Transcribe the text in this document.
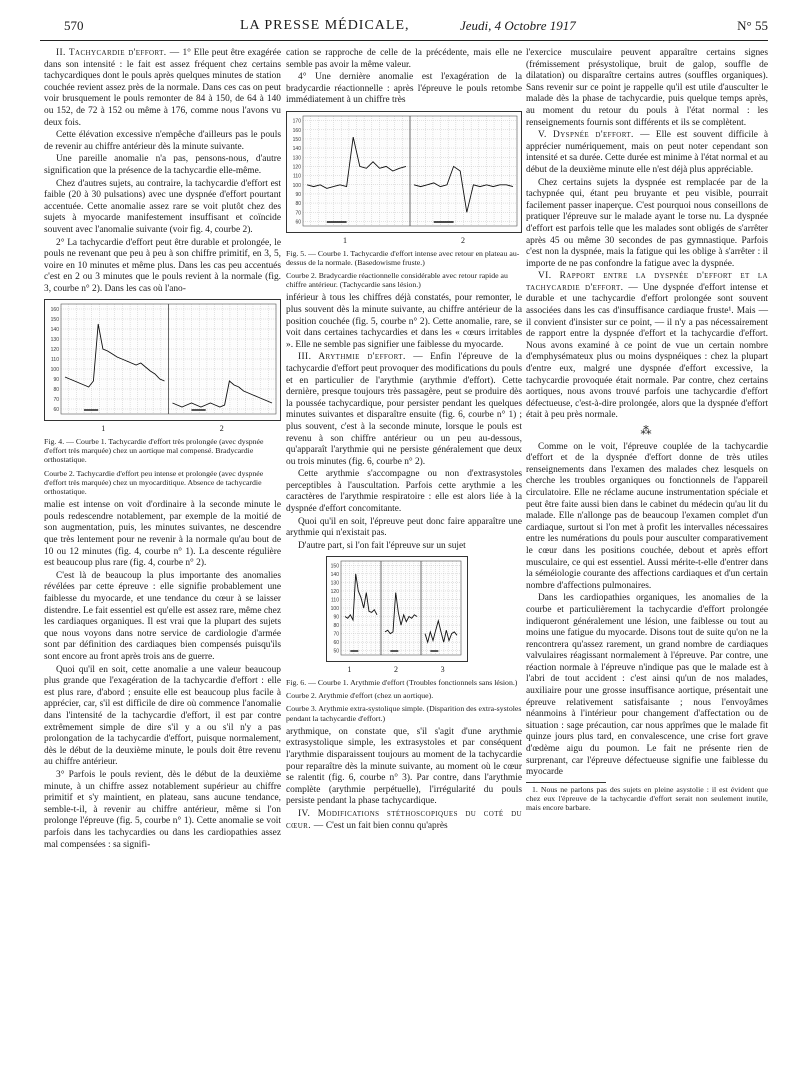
570	LA PRESSE MÉDICALE,	Jeudi, 4 Octobre 1917	N° 55

II. Tachycardie d'effort. — 1° Elle peut être exagérée dans son intensité : le fait est assez fréquent chez certains tachycardiques dont le pouls après quelques minutes de station couchée revient assez près de la normale. Dans ces cas on peut voir brusquement le pouls remonter de 84 à 150, de 64 à 140 ou 152, de 72 à 152 ou même à 176, comme nous l'avons vu deux fois.

Cette élévation excessive n'empêche d'ailleurs pas le pouls de revenir au chiffre antérieur dès la minute suivante.

Une pareille anomalie n'a pas, pensons-nous, d'autre signification que la présence de la tachycardie elle-même.

Chez d'autres sujets, au contraire, la tachycardie d'effort est faible (20 à 30 pulsations) avec une dyspnée d'effort pourtant accentuée. Cette anomalie assez rare se voit plutôt chez des sujets à myocarde manifestement insuffisant et coïncide souvent avec l'anomalie suivante (voir fig. 4, courbe 2).

2° La tachycardie d'effort peut être durable et prolongée, le pouls ne revenant que peu à peu à son chiffre primitif, en 3, 5, voire en 10 minutes et même plus. Dans les cas peu accentués c'est en 2 ou 3 minutes que le pouls revient à la normale (fig. 3, courbe n° 2). Dans les cas où l'ano-

60
70
80
90
100
110
120
130
140
150
160
1	2
Fig. 4. — Courbe 1. Tachycardie d'effort très prolongée (avec dyspnée d'effort très marquée) chez un aortique mal compensé. Bradycardie orthostatique.
Courbe 2. Tachycardie d'effort peu intense et prolongée (avec dyspnée d'effort très marquée) chez un myocarditique. Absence de tachycardie orthostatique.

malie est intense on voit d'ordinaire à la seconde minute le pouls redescendre notablement, par exemple de la moitié de son augmentation, puis, les minutes suivantes, ne descendre que très lentement pour ne revenir à la normale qu'au bout de 10 ou 12 minutes (fig. 4, courbe n° 1). La descente régulière est beaucoup plus rare (fig. 4, courbe n° 2).

C'est là de beaucoup la plus importante des anomalies révélées par cette épreuve : elle signifie probablement une faiblesse du myocarde, et une tendance du cœur à se laisser distendre. Le fait essentiel est qu'elle est assez rare, même chez les cardiaques organiques. Il est vrai que la plupart des sujets que nous voyons dans notre service de cardiologie d'armée sont par définition des cardiaques bien compensés puisqu'ils sont encore au front après trois ans de guerre.

Quoi qu'il en soit, cette anomalie a une valeur beaucoup plus grande que l'exagération de la tachycardie d'effort : elle est plus rare, d'abord ; ensuite elle est beaucoup plus facile à apprécier, car, s'il est difficile de dire où commence l'anomalie dans l'intensité de la tachycardie d'effort, il est par contre extrêmement simple de dire s'il y a ou s'il n'y a pas prolongation de la tachycardie d'effort, puisque normalement, dès le début de la deuxième minute, le pouls doit être revenu au chiffre antérieur.

3° Parfois le pouls revient, dès le début de la deuxième minute, à un chiffre assez notablement supérieur au chiffre primitif et s'y maintient, en plateau, sans aucune tendance, semble-t-il, à revenir au chiffre antérieur, même si l'on prolonge l'épreuve (fig. 5, courbe n° 1). Cette anomalie se voit parfois dans les tachycardies ou dans les cardiopathies assez mal compensées : sa signifi-

cation se rapproche de celle de la précédente, mais elle ne semble pas avoir la même valeur.

4° Une dernière anomalie est l'exagération de la bradycardie réactionnelle : après l'épreuve le pouls retombe immédiatement à un chiffre très

60
70
80
90
100
110
120
130
140
150
160
170
1	2
Fig. 5. — Courbe 1. Tachycardie d'effort intense avec retour en plateau au-dessus de la normale. (Basedowisme fruste.)
Courbe 2. Bradycardie réactionnelle considérable avec retour rapide au chiffre antérieur. (Tachycardie sans lésion.)

inférieur à tous les chiffres déjà constatés, pour remonter, le plus souvent dès la minute suivante, au chiffre antérieur de la position couchée (fig. 5, courbe n° 2). Cette anomalie, rare, se voit dans certaines tachycardies et dans les « cœurs irritables ». Elle ne semble pas signifier une faiblesse du myocarde.

III. Arythmie d'effort. — Enfin l'épreuve de la tachycardie d'effort peut provoquer des modifications du pouls et en particulier de l'arythmie (arythmie d'effort). Cette dernière, presque toujours très passagère, peut se produire dès la poussée tachycardique, pour persister pendant les quelques minutes suivantes et disparaître ensuite (fig. 6, courbe n° 1) ; plus souvent, c'est à la seconde minute, lorsque le pouls est revenu à son chiffre antérieur ou un peu au-dessous, qu'apparaît l'arythmie qui ne persiste généralement que deux ou trois minutes (fig. 6, courbe n° 2).

Cette arythmie s'accompagne ou non d'extrasystoles perceptibles à l'auscultation. Parfois cette arythmie a les caractères de l'arythmie respiratoire : elle est alors liée à la dyspnée d'effort concomitante.

Quoi qu'il en soit, l'épreuve peut donc faire apparaître une arythmie qui n'existait pas.

D'autre part, si l'on fait l'épreuve sur un sujet

50
60
70
80
90
100
110
120
130
140
150
1	2	3
Fig. 6. — Courbe 1. Arythmie d'effort (Troubles fonctionnels sans lésion.)
Courbe 2. Arythmie d'effort (chez un aortique).
Courbe 3. Arythmie extra-systolique simple. (Disparition des extra-systoles pendant la tachycardie d'effort.)

arythmique, on constate que, s'il s'agit d'une arythmie extrasystolique simple, les extrasystoles et par conséquent l'arythmie disparaissent toujours au moment de la tachycardie pour reparaître dès la minute suivante, au moment où le cœur se ralentit (fig. 6, courbe n° 3). Par contre, dans l'arythmie complète (arythmie perpétuelle), l'irrégularité du pouls persiste pendant la phase tachycardique.

IV. Modifications stéthoscopiques du coté du cœur. — C'est un fait bien connu qu'après

l'exercice musculaire peuvent apparaître certains signes (frémissement présystolique, bruit de galop, souffle de dilatation) ou disparaître certains autres (souffles organiques). Sans revenir sur ce point je rappelle qu'il est utile d'ausculter le malade dès la phase de tachycardie, puis quelque temps après, au moment du retour du pouls à l'état normal : les renseignements fournis sont différents et ils se complètent.

V. Dyspnée d'effort. — Elle est souvent difficile à apprécier numériquement, mais on peut noter cependant son intensité et sa durée. Cette durée est minime à l'état normal et au début de la deuxième minute elle n'est déjà plus appréciable.

Chez certains sujets la dyspnée est remplacée par de la tachypnée qui, étant peu bruyante et peu visible, pourrait facilement passer inaperçue. C'est pourquoi nous conseillons de pratiquer l'épreuve sur le malade ayant le torse nu. La dyspnée d'effort est parfois telle que les malades sont obligés de s'arrêter après 45 ou même 30 secondes de pas gymnastique. Parfois c'est non la dyspnée, mais la fatigue qui les oblige à s'arrêter : il importe de ne pas confondre la fatigue avec la dyspnée.

VI. Rapport entre la dyspnée d'effort et la tachycardie d'effort. — Une dyspnée d'effort intense et durable et une tachycardie d'effort prolongée sont souvent associées dans les cas d'insuffisance cardiaque fruste¹. Mais — il convient d'insister sur ce point, — il n'y a pas nécessairement de rapport entre la dyspnée d'effort et la tachycardie d'effort. Nous avons examiné à ce point de vue un certain nombre d'emphysémateux plus ou moins dyspnéiques : chez la plupart d'entre eux, malgré une dyspnée d'effort excessive, la tachycardie provoquée était normale. Par contre, chez certains aortiques, nous avons trouvé parfois une tachycardie d'effort défectueuse, c'est-à-dire prolongée, alors que la dyspnée d'effort était à peu près normale.

⁂

Comme on le voit, l'épreuve couplée de la tachycardie d'effort et de la dyspnée d'effort donne de très utiles renseignements dans l'examen des malades chez lesquels on cherche les troubles organiques ou fonctionnels de l'appareil circulatoire. Elle ne réclame aucune instrumentation spéciale et peut être faite aussi bien dans le cabinet du médecin qu'au lit du malade. Elle n'allonge pas de beaucoup l'examen complet d'un cardiaque, surtout si l'on met à profit les intervalles nécessaires entre les numérations du pouls pour ausculter comparativement le cœur dans les positions couchée, debout et après effort musculaire, ce qui est essentiel. Aussi mérite-t-elle d'entrer dans la séméiologie courante des affections cardiaques et d'un certain nombre d'affections pulmonaires.

Dans les cardiopathies organiques, les anomalies de la courbe et particulièrement la tachycardie d'effort prolongée indiqueront généralement une lésion, une faiblesse ou tout au moins une fatigue du myocarde. Disons tout de suite qu'on ne la rencontrera qu'assez rarement, un grand nombre de cardiaques valvulaires réagissant normalement à l'épreuve. Par contre, une réaction normale à l'épreuve n'indique pas que le malade est à l'abri de tout accident : c'est ainsi qu'un de nos malades, auxiliaire pour une grosse insuffisance aortique, présentait une épreuve relativement satisfaisante ; nous l'envoyâmes néanmoins à l'intérieur pour changement d'affectation ou de situation : sage précaution, car nous apprîmes que le malade fit quinze jours plus tard, en convalescence, une crise fort grave d'œdème aigu du poumon. Le fait ne présente rien de surprenant, car l'épreuve défectueuse signifie une faiblesse du myocarde

1. Nous ne parlons pas des sujets en pleine asystolie : il est évident que chez eux l'épreuve de la tachycardie d'effort serait non seulement inutile, mais encore barbare.
